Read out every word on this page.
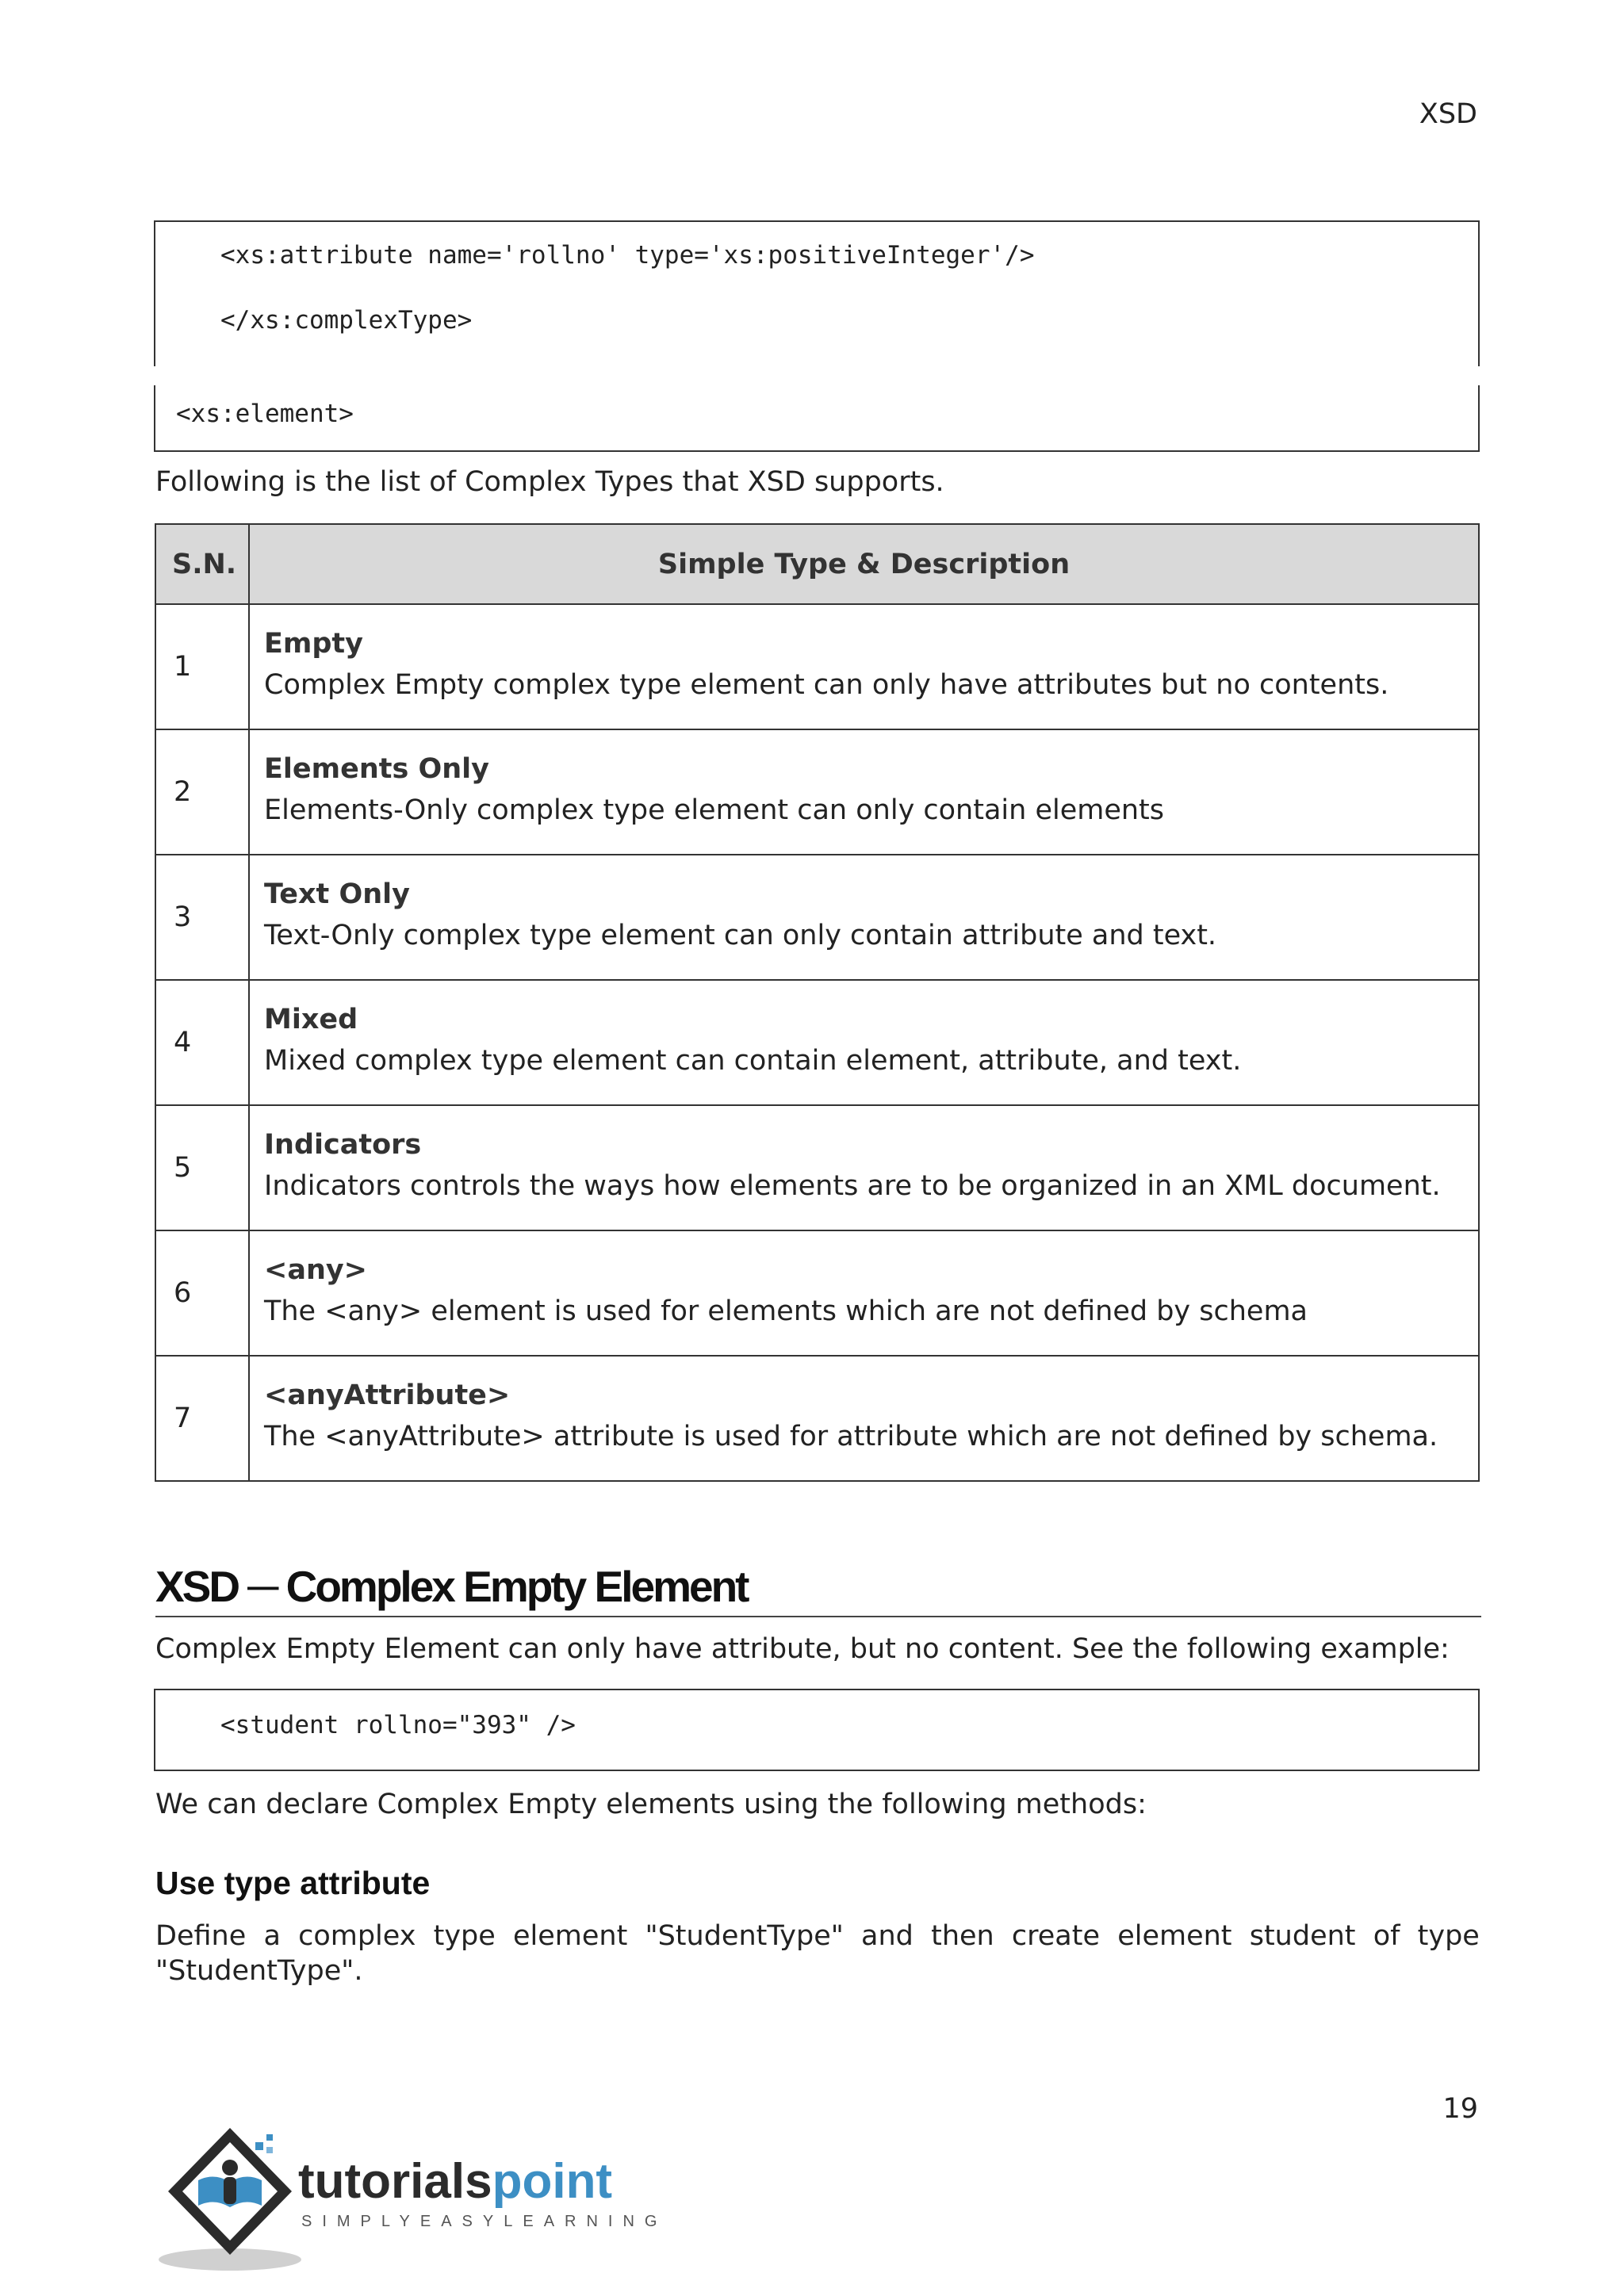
XSD
<xs:attribute name='rollno' type='xs:positiveInteger'/>
</xs:complexType>
<xs:element>
Following is the list of Complex Types that XSD supports.
S.N.	Simple Type & Description
1	Empty
Complex Empty complex type element can only have attributes but no contents.

2	Elements Only
Elements-Only complex type element can only contain elements

3	Text Only
Text-Only complex type element can only contain attribute and text.

4	Mixed
Mixed complex type element can contain element, attribute, and text.

5	Indicators
Indicators controls the ways how elements are to be organized in an XML document.

6	<any>
The <any> element is used for elements which are not defined by schema

7	<anyAttribute>
The <anyAttribute> attribute is used for attribute which are not defined by schema.
XSD ─ Complex Empty Element
Complex Empty Element can only have attribute, but no content. See the following example:
<student rollno="393" />
We can declare Complex Empty elements using the following methods:
Use type attribute
Define a complex type element "StudentType" and then create element student of type
"StudentType".
19
tutorialspoint
SIMPLYEASYLEARNING
